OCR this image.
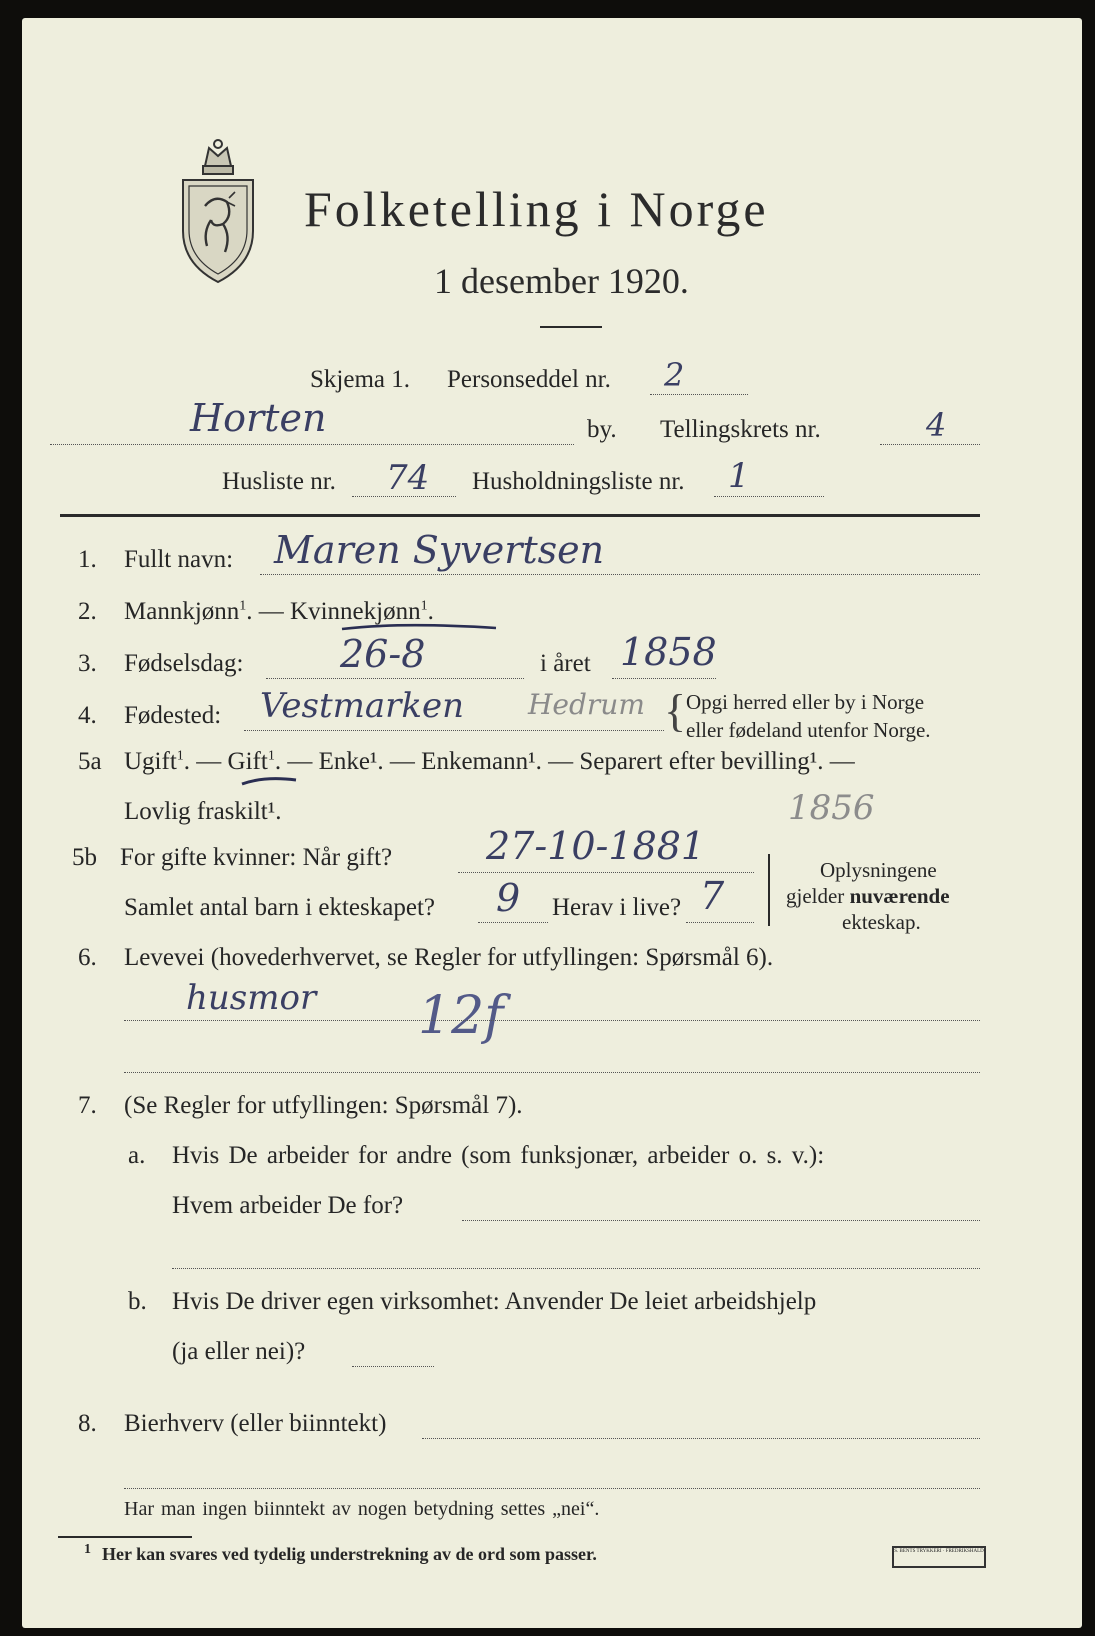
Folketelling i Norge
1 desember 1920.
Skjema 1. Personseddel nr. 2
Horten	by. Tellingskrets nr.	4
Husliste nr. 74 Husholdningsliste nr. 1
1. Fullt navn: Maren Syvertsen
2. Mannkjønn$^1$. — Kvinnekjønn$^1$.
3. Fødselsdag:	26-8	i året 1858
4. Fødested: Vestmarken Hedrum { Opgi herred eller by i Norge
eller fødeland utenfor Norge.
5a Ugift$^1$. — Gift$^1$. — Enke¹. — Enkemann¹. — Separert efter bevilling¹. —
Lovlig fraskilt¹.	1856
5b For gifte kvinner: Når gift? 27-10-1881
Samlet antal barn i ekteskapet? 9 Herav i live? 7
Oplysningene
gjelder nuværende
ekteskap.
6. Levevei (hovederhvervet, se Regler for utfyllingen: Spørsmål 6).
husmor 12f
7. (Se Regler for utfyllingen: Spørsmål 7).
a. Hvis De arbeider for andre (som funksjonær, arbeider o. s. v.):
Hvem arbeider De for?
b. Hvis De driver egen virksomhet: Anvender De leiet arbeidshjelp
(ja eller nei)?
8. Bierhverv (eller biinntekt)
Har man ingen biinntekt av nogen betydning settes „nei“.
1 Her kan svares ved tydelig understrekning av de ord som passer.	S. BENTS TRYKKERI · FREDRIKSHALD
